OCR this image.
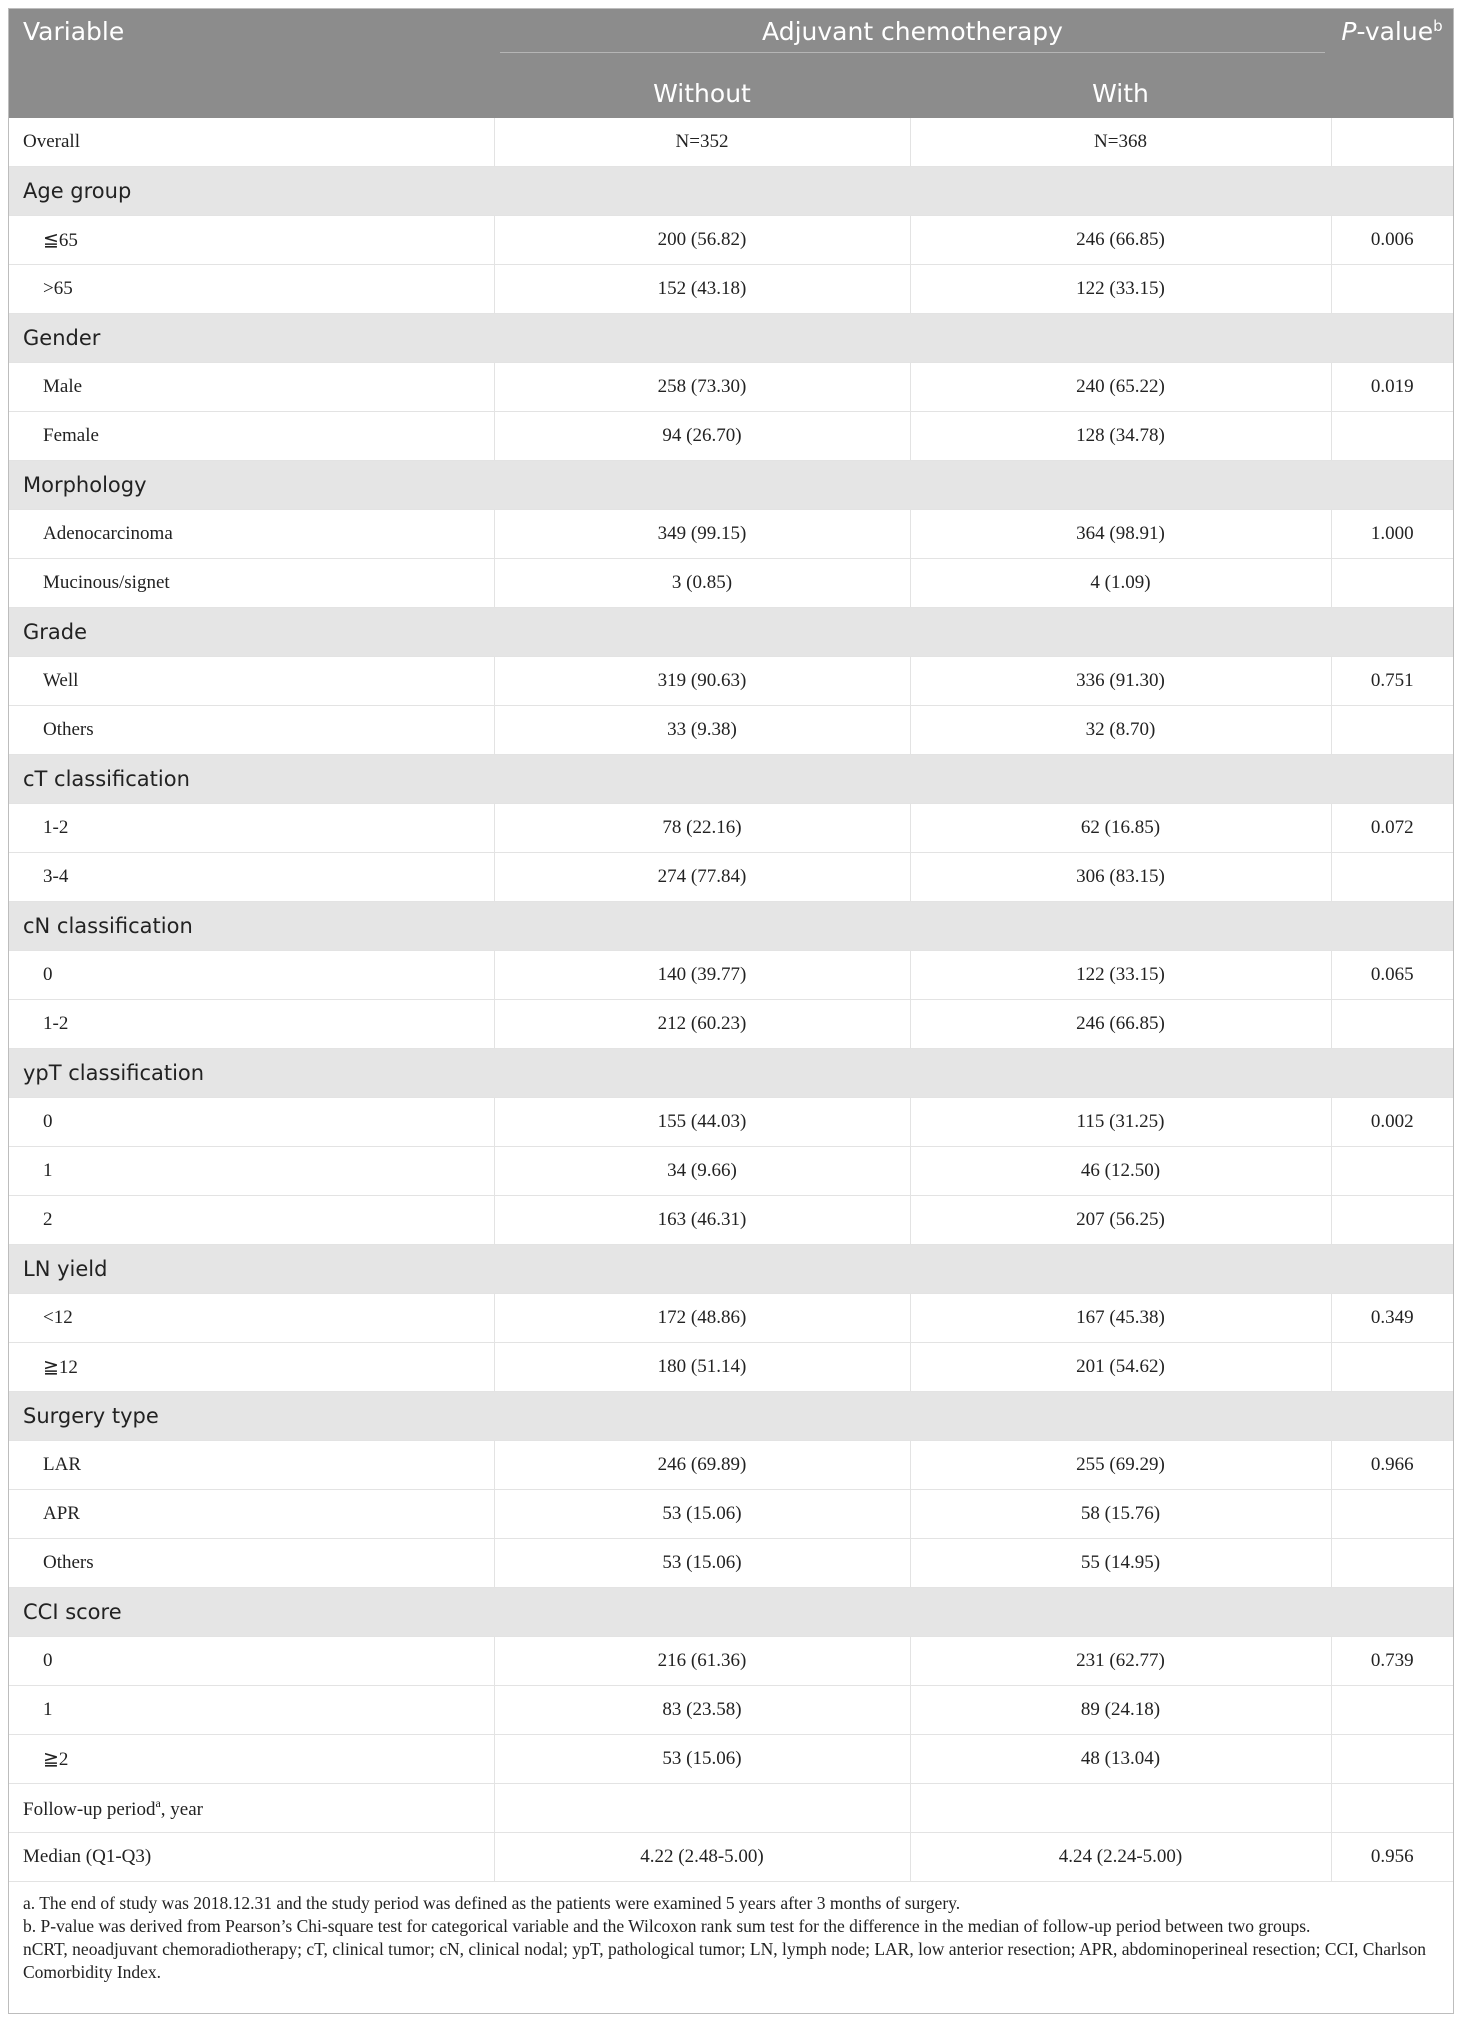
Variable	Adjuvant chemotherapy		P-value$^b$
	Without	With	
Overall	N=352	N=368	
Age group			
≦65	200 (56.82)	246 (66.85)	0.006
>65	152 (43.18)	122 (33.15)	
Gender			
Male	258 (73.30)	240 (65.22)	0.019
Female	94 (26.70)	128 (34.78)	
Morphology			
Adenocarcinoma	349 (99.15)	364 (98.91)	1.000
Mucinous/signet	3 (0.85)	4 (1.09)	
Grade			
Well	319 (90.63)	336 (91.30)	0.751
Others	33 (9.38)	32 (8.70)	
cT classification			
1-2	78 (22.16)	62 (16.85)	0.072
3-4	274 (77.84)	306 (83.15)	
cN classification			
0	140 (39.77)	122 (33.15)	0.065
1-2	212 (60.23)	246 (66.85)	
ypT classification			
0	155 (44.03)	115 (31.25)	0.002
1	34 (9.66)	46 (12.50)	
2	163 (46.31)	207 (56.25)	
LN yield			
<12	172 (48.86)	167 (45.38)	0.349
≧12	180 (51.14)	201 (54.62)	
Surgery type			
LAR	246 (69.89)	255 (69.29)	0.966
APR	53 (15.06)	58 (15.76)	
Others	53 (15.06)	55 (14.95)	
CCI score			
0	216 (61.36)	231 (62.77)	0.739
1	83 (23.58)	89 (24.18)	
≧2	53 (15.06)	48 (13.04)	
Follow-up period$^a$, year			
Median (Q1-Q3)	4.22 (2.48-5.00)	4.24 (2.24-5.00)	0.956

a. The end of study was 2018.12.31 and the study period was defined as the patients were examined 5 years after 3 months of surgery.

b. P-value was derived from Pearson’s Chi-square test for categorical variable and the Wilcoxon rank sum test for the difference in the median of follow-up period between two groups.

nCRT, neoadjuvant chemoradiotherapy; cT, clinical tumor; cN, clinical nodal; ypT, pathological tumor; LN, lymph node; LAR, low anterior resection; APR, abdominoperineal resection; CCI, Charlson Comorbidity Index.
